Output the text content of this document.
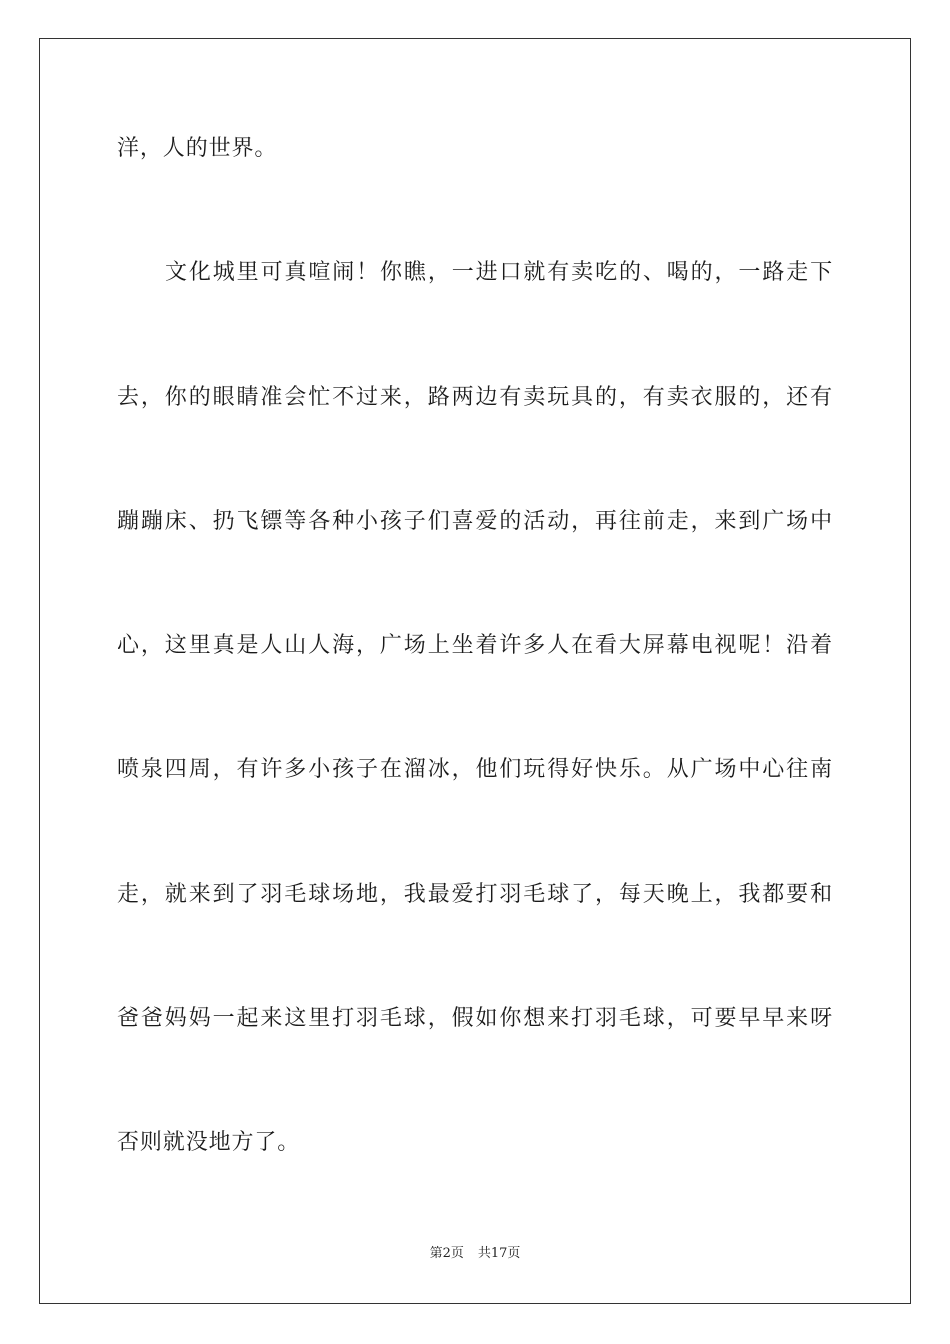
洋，人的世界。
文化城里可真喧闹！你瞧，一进口就有卖吃的、喝的，一路走下
去，你的眼睛准会忙不过来，路两边有卖玩具的，有卖衣服的，还有
蹦蹦床、扔飞镖等各种小孩子们喜爱的活动，再往前走，来到广场中
心，这里真是人山人海，广场上坐着许多人在看大屏幕电视呢！沿着
喷泉四周，有许多小孩子在溜冰，他们玩得好快乐。从广场中心往南
走，就来到了羽毛球场地，我最爱打羽毛球了，每天晚上，我都要和
爸爸妈妈一起来这里打羽毛球，假如你想来打羽毛球，可要早早来呀
否则就没地方了。
第2页 共17页
